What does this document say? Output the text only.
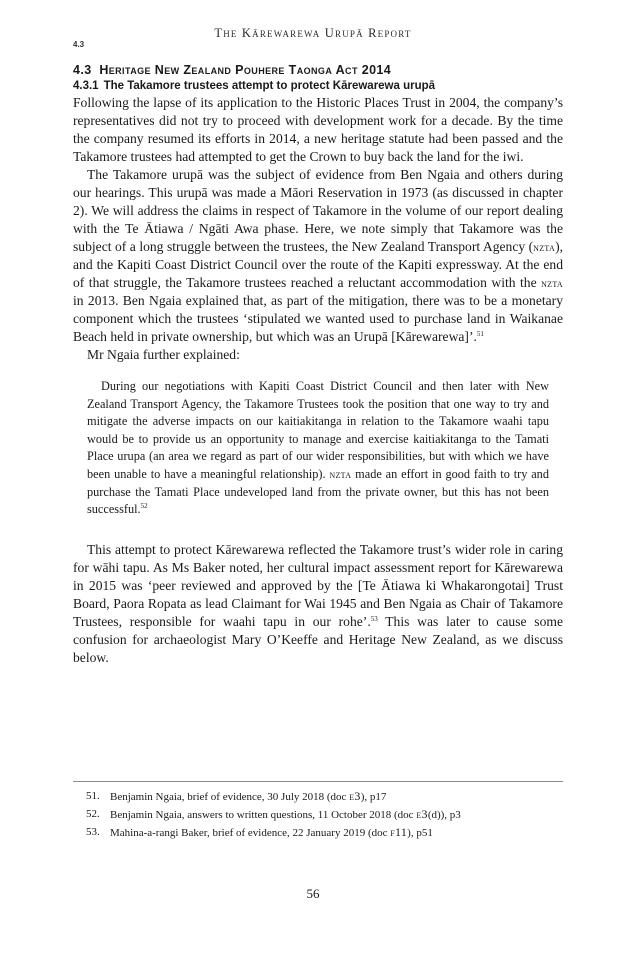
The Kārewarewa Urupā Report
4.3
4.3 Heritage New Zealand Pouhere Taonga Act 2014
4.3.1 The Takamore trustees attempt to protect Kārewarewa urupā

Following the lapse of its application to the Historic Places Trust in 2004, the company’s representatives did not try to proceed with development work for a decade. By the time the company resumed its efforts in 2014, a new heritage statute had been passed and the Takamore trustees had attempted to get the Crown to buy back the land for the iwi.

The Takamore urupā was the subject of evidence from Ben Ngaia and others during our hearings. This urupā was made a Māori Reservation in 1973 (as discussed in chapter 2). We will address the claims in respect of Takamore in the volume of our report dealing with the Te Ātiawa / Ngāti Awa phase. Here, we note simply that Takamore was the subject of a long struggle between the trustees, the New Zealand Transport Agency (nzta), and the Kapiti Coast District Council over the route of the Kapiti expressway. At the end of that struggle, the Takamore trustees reached a reluctant accommodation with the nzta in 2013. Ben Ngaia explained that, as part of the mitigation, there was to be a monetary component which the trustees ‘stipulated we wanted used to purchase land in Waikanae Beach held in private ownership, but which was an Urupā [Kārewarewa]’.$^{51}$

Mr Ngaia further explained:

During our negotiations with Kapiti Coast District Council and then later with New Zealand Transport Agency, the Takamore Trustees took the position that one way to try and mitigate the adverse impacts on our kaitiakitanga in relation to the Takamore waahi tapu would be to provide us an opportunity to manage and exercise kaitiakitanga to the Tamati Place urupa (an area we regard as part of our wider responsibilities, but with which we have been unable to have a meaningful relationship). nzta made an effort in good faith to try and purchase the Tamati Place undeveloped land from the private owner, but this has not been successful.$^{52}$

This attempt to protect Kārewarewa reflected the Takamore trust’s wider role in caring for wāhi tapu. As Ms Baker noted, her cultural impact assessment report for Kārewarewa in 2015 was ‘peer reviewed and approved by the [Te Ātiawa ki Whakarongotai] Trust Board, Paora Ropata as lead Claimant for Wai 1945 and Ben Ngaia as Chair of Takamore Trustees, responsible for waahi tapu in our rohe’.$^{53}$ This was later to cause some confusion for archaeologist Mary O’Keeffe and Heritage New Zealand, as we discuss below.

51. Benjamin Ngaia, brief of evidence, 30 July 2018 (doc e3), p17
52. Benjamin Ngaia, answers to written questions, 11 October 2018 (doc e3(d)), p3
53. Mahina-a-rangi Baker, brief of evidence, 22 January 2019 (doc f11), p51
56
